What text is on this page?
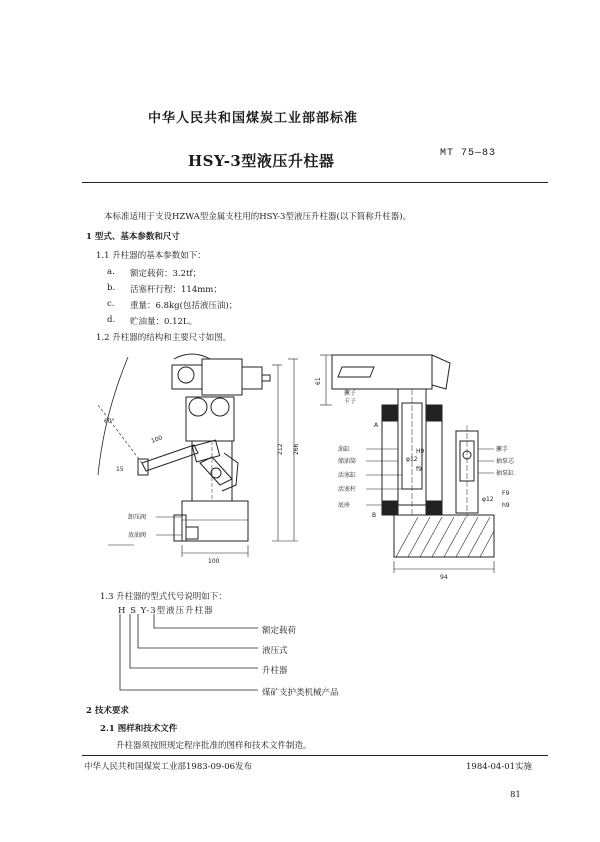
中华人民共和国煤炭工业部部标准
HSY-3型液压升柱器	MT 75—83
本标准适用于支设HZWA型金属支柱用的HSY-3型液压升柱器(以下简称升柱器)。
1 型式、基本参数和尺寸
1.1 升柱器的基本参数如下：
a. 额定载荷：3.2tf；
b. 活塞杆行程：114mm；
c. 重量：6.8kg(包括液压油)；
d. 贮油量：0.12L。
1.2 升柱器的结构和主要尺寸如图。
60°
100
15
212 266
100
卸压阀
放油阀
61
94
撅子
卡子
A
油缸
储油筒
活塞缸
活塞杆
底座
B
φ12
H9
f9
撅手
抽泵芯
抽泵缸
φ12
F9
h9
1.3 升柱器的型式代号说明如下：
H S Y-3型液压升柱器
额定载荷
液压式
升柱器
煤矿支护类机械产品
2 技术要求
2.1 图样和技术文件
升柱器须按照规定程序批准的图样和技术文件制造。
中华人民共和国煤炭工业部1983-09-06发布	1984-04-01实施
81
